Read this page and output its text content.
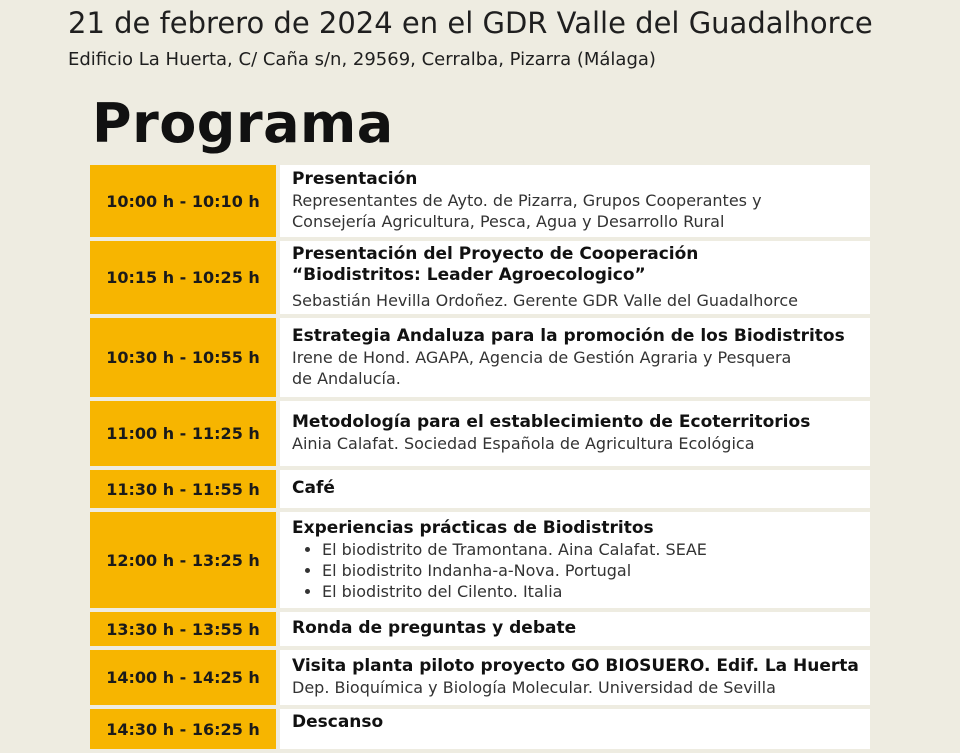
21 de febrero de 2024 en el GDR Valle del Guadalhorce
Edificio La Huerta, C/ Caña s/n, 29569, Cerralba, Pizarra (Málaga)
Programa
10:00 h - 10:10 h
Presentación
Representantes de Ayto. de Pizarra, Grupos Cooperantes y
Consejería Agricultura, Pesca, Agua y Desarrollo Rural
10:15 h - 10:25 h
Presentación del Proyecto de Cooperación
“Biodistritos: Leader Agroecologico”
Sebastián Hevilla Ordoñez. Gerente GDR Valle del Guadalhorce
10:30 h - 10:55 h
Estrategia Andaluza para la promoción de los Biodistritos
Irene de Hond. AGAPA, Agencia de Gestión Agraria y Pesquera
de Andalucía.
11:00 h - 11:25 h
Metodología para el establecimiento de Ecoterritorios
Ainia Calafat. Sociedad Española de Agricultura Ecológica
11:30 h - 11:55 h	Café
12:00 h - 13:25 h
Experiencias prácticas de Biodistritos
• El biodistrito de Tramontana. Aina Calafat. SEAE
• El biodistrito Indanha-a-Nova. Portugal
• El biodistrito del Cilento. Italia
13:30 h - 13:55 h	Ronda de preguntas y debate
14:00 h - 14:25 h
Visita planta piloto proyecto GO BIOSUERO. Edif. La Huerta
Dep. Bioquímica y Biología Molecular. Universidad de Sevilla
14:30 h - 16:25 h	Descanso
